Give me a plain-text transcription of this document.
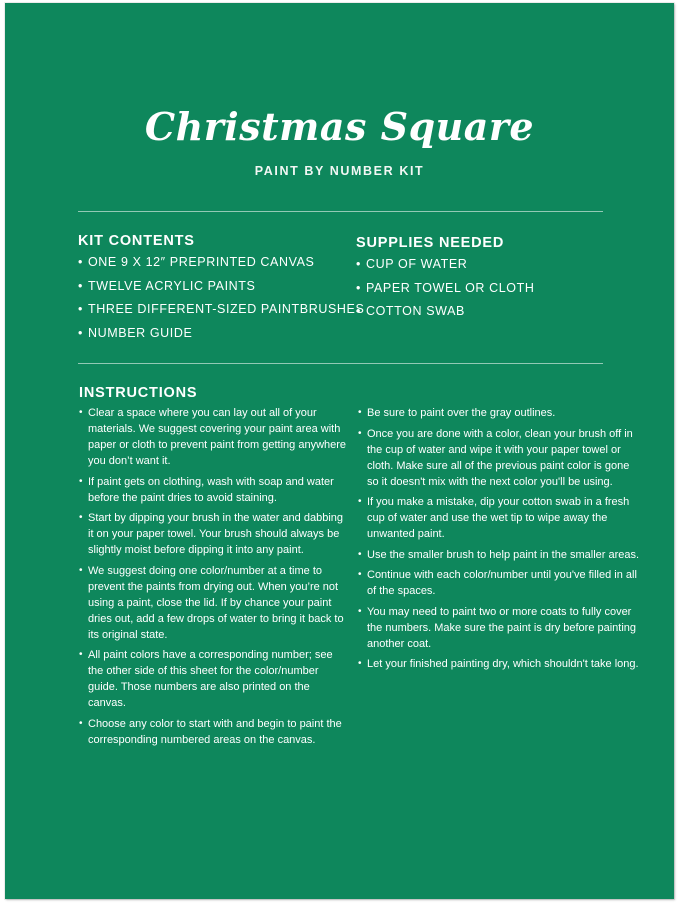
Christmas Square
PAINT BY NUMBER KIT
KIT CONTENTS
• ONE 9 X 12″ PREPRINTED CANVAS
• TWELVE ACRYLIC PAINTS
• THREE DIFFERENT-SIZED PAINTBRUSHES
• NUMBER GUIDE
SUPPLIES NEEDED
• CUP OF WATER
• PAPER TOWEL OR CLOTH
• COTTON SWAB
INSTRUCTIONS
• Clear a space where you can lay out all of your materials. We suggest covering your paint area with paper or cloth to prevent paint from getting anywhere you don’t want it.
• If paint gets on clothing, wash with soap and water before the paint dries to avoid staining.
• Start by dipping your brush in the water and dabbing it on your paper towel. Your brush should always be slightly moist before dipping it into any paint.
• We suggest doing one color/number at a time to prevent the paints from drying out. When you’re not using a paint, close the lid. If by chance your paint dries out, add a few drops of water to bring it back to its original state.
• All paint colors have a corresponding number; see the other side of this sheet for the color/number guide. Those numbers are also printed on the canvas.
• Choose any color to start with and begin to paint the corresponding numbered areas on the canvas.
• Be sure to paint over the gray outlines.
• Once you are done with a color, clean your brush off in the cup of water and wipe it with your paper towel or cloth. Make sure all of the previous paint color is gone so it doesn't mix with the next color you'll be using.
• If you make a mistake, dip your cotton swab in a fresh cup of water and use the wet tip to wipe away the unwanted paint.
• Use the smaller brush to help paint in the smaller areas.
• Continue with each color/number until you've filled in all of the spaces.
• You may need to paint two or more coats to fully cover the numbers. Make sure the paint is dry before painting another coat.
• Let your finished painting dry, which shouldn't take long.
